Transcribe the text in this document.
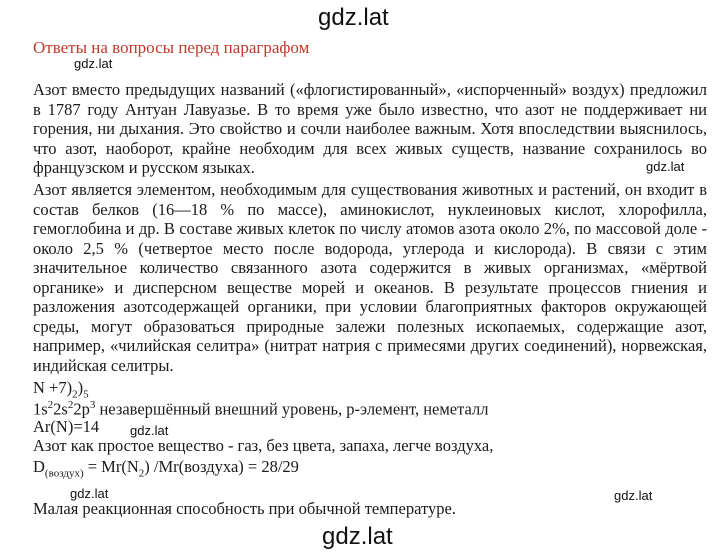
gdz.lat
gdz.lat
gdz.lat
gdz.lat
gdz.lat	gdz.lat
gdz.lat
Ответы на вопросы перед параграфом
Азот вместо предыдущих названий («флогистированный», «испорченный» воздух) предложил в 1787 году Антуан Лавуазье. В то время уже было известно, что азот не поддерживает ни горения, ни дыхания. Это свойство и сочли наиболее важным. Хотя впоследствии выяснилось, что азот, наоборот, крайне необходим для всех живых существ, название сохранилось во французском и русском языках.
Азот является элементом, необходимым для существования животных и растений, он входит в состав белков (16—18 % по массе), аминокислот, нуклеиновых кислот, хлорофилла, гемоглобина и др. В составе живых клеток по числу атомов азота около 2%, по массовой доле - около 2,5 % (четвертое место после водорода, углерода и кислорода). В связи с этим значительное количество связанного азота содержится в живых организмах, «мёртвой органике» и дисперсном веществе морей и океанов. В результате процессов гниения и разложения азотсодержащей органики, при условии благоприятных факторов окружающей среды, могут образоваться природные залежи полезных ископаемых, содержащие азот, например, «чилийская селитра» (нитрат натрия с примесями других соединений), норвежская, индийская селитры.
$N +7)_2)_5$
$1s^22s^22p^3$ незавершённый внешний уровень, р-элемент, неметалл
Ar(N)=14
Азот как простое вещество - газ, без цвета, запаха, легче воздуха,
$D_{(воздух)} = Mr(N_2)$ /Mr(воздуха) = 28/29
Малая реакционная способность при обычной температуре.
